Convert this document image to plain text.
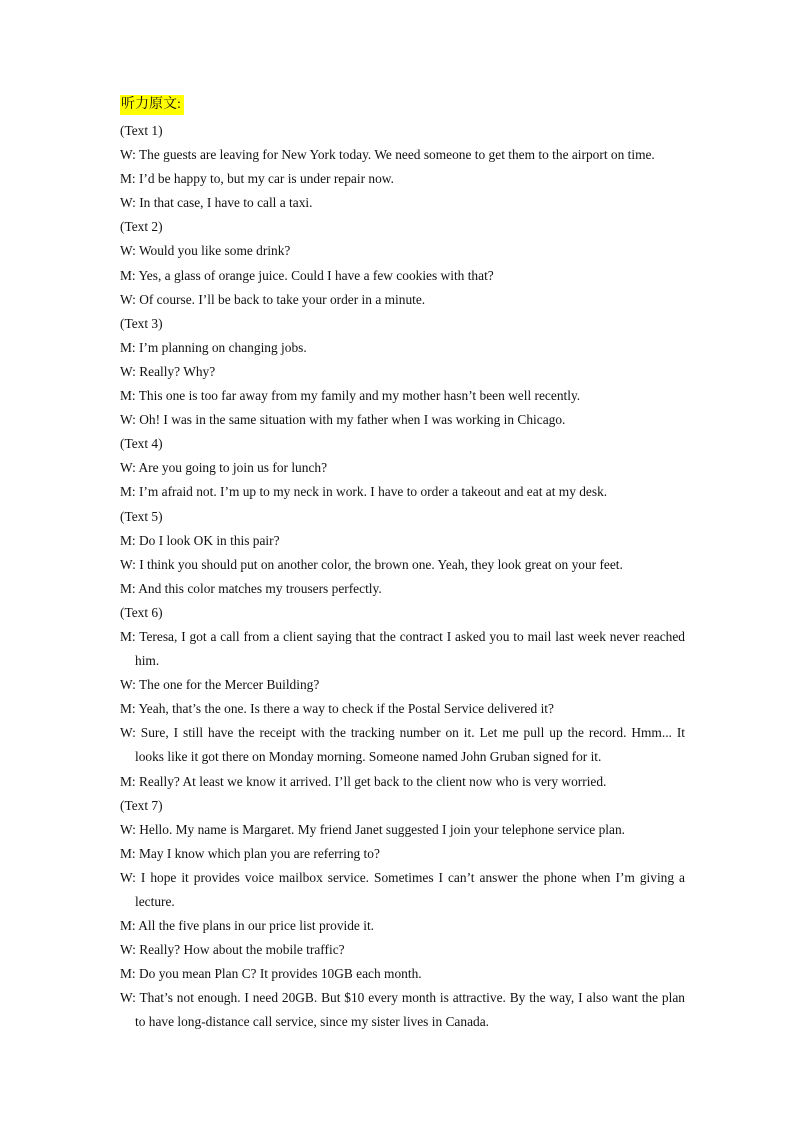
听力原文:
(Text 1)
W: The guests are leaving for New York today. We need someone to get them to the airport on time.
M: I’d be happy to, but my car is under repair now.
W: In that case, I have to call a taxi.
(Text 2)
W: Would you like some drink?
M: Yes, a glass of orange juice. Could I have a few cookies with that?
W: Of course. I’ll be back to take your order in a minute.
(Text 3)
M: I’m planning on changing jobs.
W: Really? Why?
M: This one is too far away from my family and my mother hasn’t been well recently.
W: Oh! I was in the same situation with my father when I was working in Chicago.
(Text 4)
W: Are you going to join us for lunch?
M: I’m afraid not. I’m up to my neck in work. I have to order a takeout and eat at my desk.
(Text 5)
M: Do I look OK in this pair?
W: I think you should put on another color, the brown one. Yeah, they look great on your feet.
M: And this color matches my trousers perfectly.
(Text 6)
M: Teresa, I got a call from a client saying that the contract I asked you to mail last week never reached him.
W: The one for the Mercer Building?
M: Yeah, that’s the one. Is there a way to check if the Postal Service delivered it?
W: Sure, I still have the receipt with the tracking number on it. Let me pull up the record. Hmm... It looks like it got there on Monday morning. Someone named John Gruban signed for it.
M: Really? At least we know it arrived. I’ll get back to the client now who is very worried.
(Text 7)
W: Hello. My name is Margaret. My friend Janet suggested I join your telephone service plan.
M: May I know which plan you are referring to?
W: I hope it provides voice mailbox service. Sometimes I can’t answer the phone when I’m giving a lecture.
M: All the five plans in our price list provide it.
W: Really? How about the mobile traffic?
M: Do you mean Plan C? It provides 10GB each month.
W: That’s not enough. I need 20GB. But $10 every month is attractive. By the way, I also want the plan to have long-distance call service, since my sister lives in Canada.
